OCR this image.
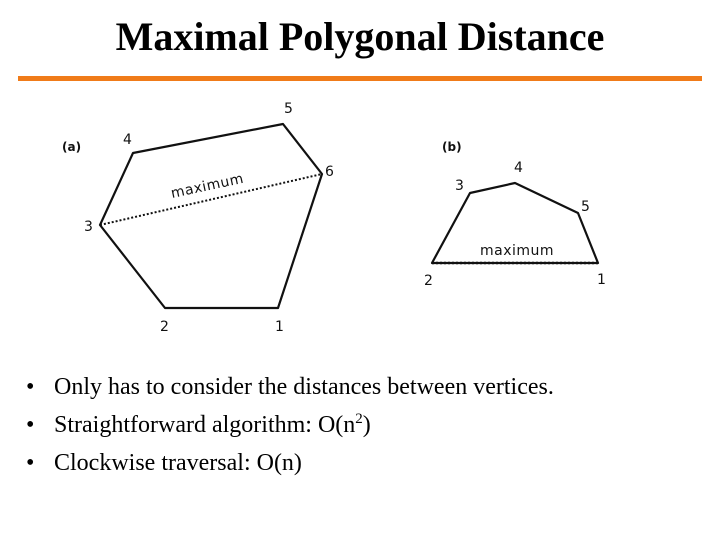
Maximal Polygonal Distance
(a)
maximum
1
2
3
4
5
6
(b)
maximum
1
2
3
4
5
• Only has to consider the distances between vertices.
• Straightforward algorithm: $O(n^2)$
• Clockwise traversal: O(n)
